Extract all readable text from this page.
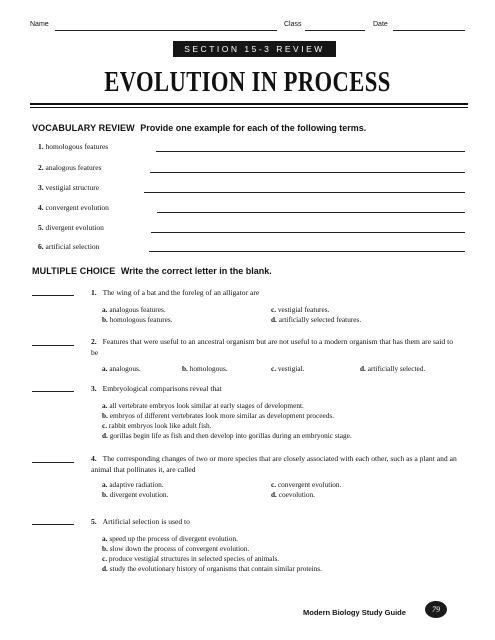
Name	Class	Date
SECTION 15-3 REVIEW
EVOLUTION IN PROCESS
VOCABULARY REVIEW Provide one example for each of the following terms.
1. homologous features
2. analogous features
3. vestigial structure
4. convergent evolution
5. divergent evolution
6. artificial selection
MULTIPLE CHOICE Write the correct letter in the blank.
1. The wing of a bat and the foreleg of an alligator are
a. analogous features.
b. homologous features.
c. vestigial features.
d. artificially selected features.
2. Features that were useful to an ancestral organism but are not useful to a modern organism that has them are said to be
a. analogous.	b. homologous.	c. vestigial.	d. artificially selected.
3. Embryological comparisons reveal that
a. all vertebrate embryos look similar at early stages of development.
b. embryos of different vertebrates look more similar as development proceeds.
c. rabbit embryos look like adult fish.
d. gorillas begin life as fish and then develop into gorillas during an embryonic stage.
4. The corresponding changes of two or more species that are closely associated with each other, such as a plant and an animal that pollinates it, are called
a. adaptive radiation.
b. divergent evolution.
c. convergent evolution.
d. coevolution.
5. Artificial selection is used to
a. speed up the process of divergent evolution.
b. slow down the process of convergent evolution.
c. produce vestigial structures in selected species of animals.
d. study the evolutionary history of organisms that contain similar proteins.
Modern Biology Study Guide	79
